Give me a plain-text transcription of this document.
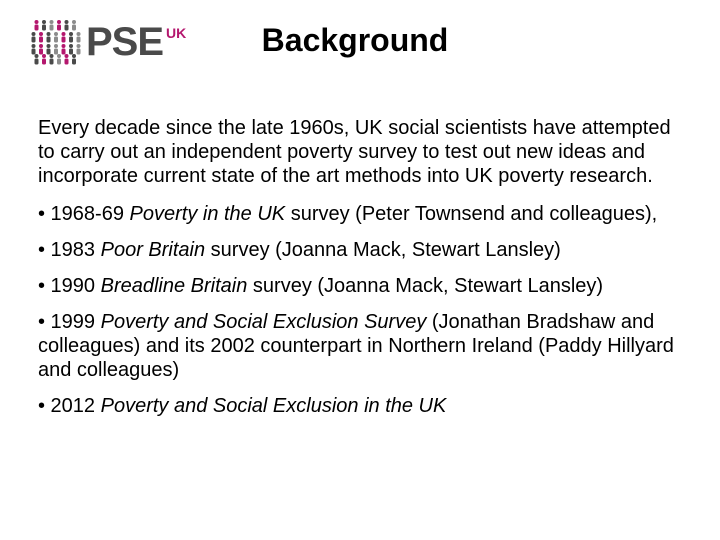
PSE UK	Background

Every decade since the late 1960s, UK social scientists have attempted to carry out an independent poverty survey to test out new ideas and incorporate current state of the art methods into UK poverty research.

• 1968-69 Poverty in the UK survey (Peter Townsend and colleagues),

• 1983 Poor Britain survey (Joanna Mack, Stewart Lansley)

• 1990 Breadline Britain survey (Joanna Mack, Stewart Lansley)

• 1999 Poverty and Social Exclusion Survey (Jonathan Bradshaw and colleagues) and its 2002 counterpart in Northern Ireland (Paddy Hillyard and colleagues)

• 2012 Poverty and Social Exclusion in the UK
